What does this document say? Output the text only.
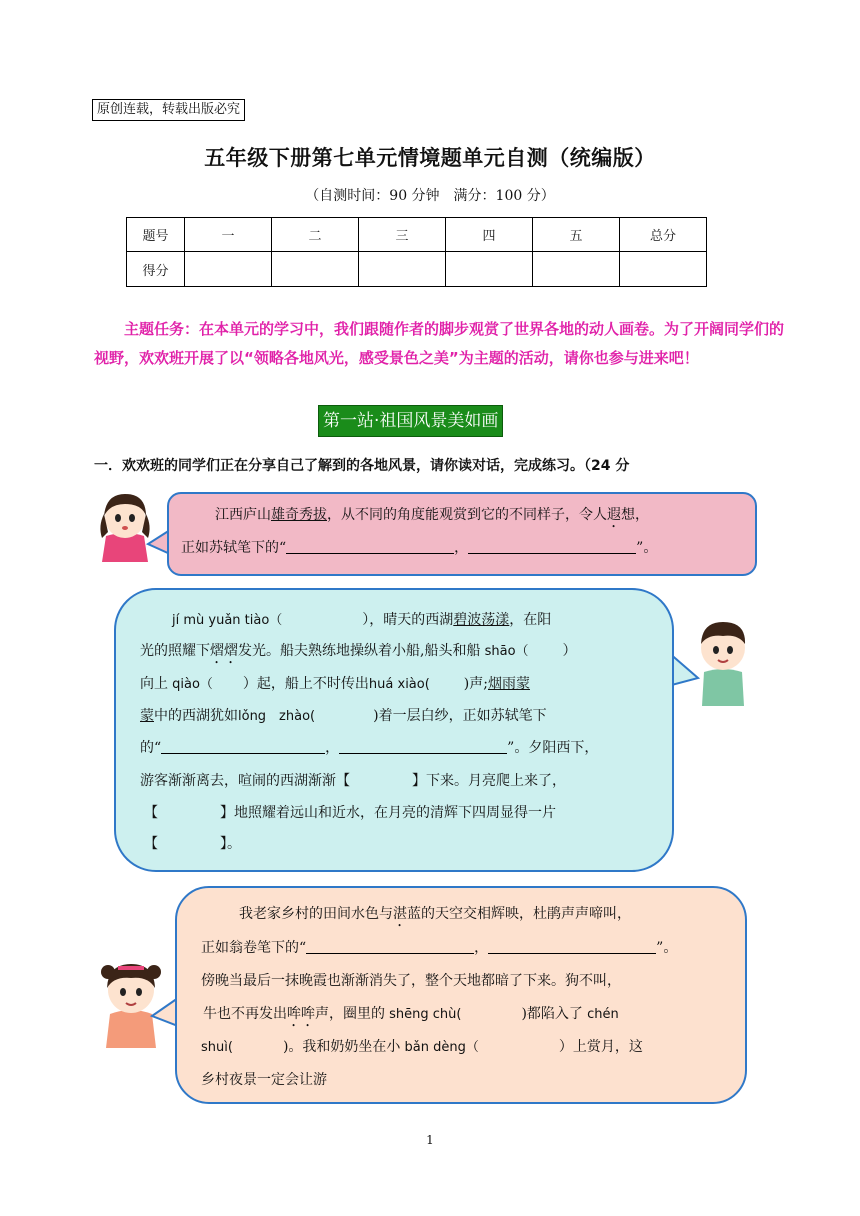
原创连载，转载出版必究
五年级下册第七单元情境题单元自测（统编版）
（自测时间：90 分钟　满分：100 分）
题号	一	二	三	四	五	总分
得分						
主题任务：在本单元的学习中，我们跟随作者的脚步观赏了世界各地的动人画卷。为了开阔同学们的视野，欢欢班开展了以“领略各地风光，感受景色之美”为主题的活动，请你也参与进来吧！
第一站·祖国风景美如画
一．欢欢班的同学们正在分享自己了解到的各地风景，请你读对话，完成练习。（24 分
江西庐山雄奇秀拔，从不同的角度能观赏到它的不同样子，令人遐想，
正如苏轼笔下的“	，	”。
jí mù yuǎn tiào（	），晴天的西湖碧波荡漾，在阳
光的照耀下熠熠发光。船夫熟练地操纵着小船,船头和船 shāo（ ）
向上 qiào（ ）起，船上不时传出huá xiào( )声;烟雨蒙
蒙中的西湖犹如lǒng　zhào(	)着一层白纱，正如苏轼笔下
的“	，	”。夕阳西下，
游客渐渐离去，喧闹的西湖渐渐【	】下来。月亮爬上来了，
【	】地照耀着远山和近水，在月亮的清辉下四周显得一片
【	】。
我老家乡村的田间水色与湛蓝的天空交相辉映，杜鹃声声啼叫，
正如翁卷笔下的“	，	”。
傍晚当最后一抹晚霞也渐渐消失了，整个天地都暗了下来。狗不叫，
牛也不再发出哞哞声，圈里的 shēng chù(	)都陷入了 chén
shuì(	)。我和奶奶坐在小 bǎn dèng（	）上赏月，这
乡村夜景一定会让游
1
